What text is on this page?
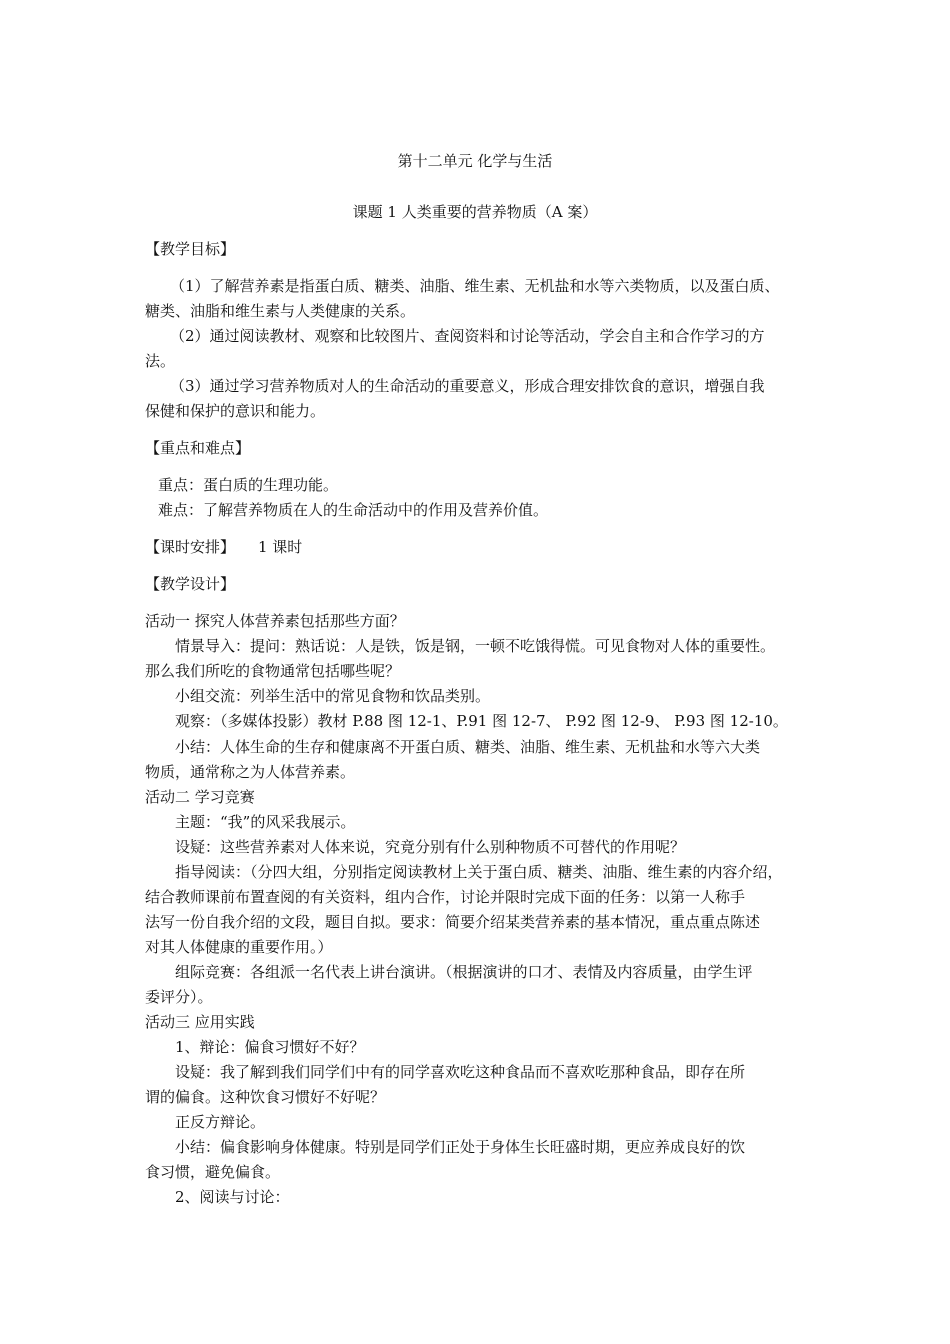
第十二单元 化学与生活
课题 1 人类重要的营养物质（A 案）
【教学目标】
（1）了解营养素是指蛋白质、糖类、油脂、维生素、无机盐和水等六类物质，以及蛋白质、
糖类、油脂和维生素与人类健康的关系。
（2）通过阅读教材、观察和比较图片、查阅资料和讨论等活动，学会自主和合作学习的方
法。
（3）通过学习营养物质对人的生命活动的重要意义，形成合理安排饮食的意识，增强自我
保健和保护的意识和能力。
【重点和难点】
重点：蛋白质的生理功能。
难点：了解营养物质在人的生命活动中的作用及营养价值。
【课时安排】 1 课时
【教学设计】
活动一 探究人体营养素包括那些方面？
情景导入：提问：熟话说：人是铁，饭是钢，一顿不吃饿得慌。可见食物对人体的重要性。
那么我们所吃的食物通常包括哪些呢？
小组交流：列举生活中的常见食物和饮品类别。
观察：（多媒体投影）教材 P.88 图 12-1、P.91 图 12-7、 P.92 图 12-9、 P.93 图 12-10。
小结：人体生命的生存和健康离不开蛋白质、糖类、油脂、维生素、无机盐和水等六大类
物质，通常称之为人体营养素。
活动二 学习竞赛
主题：“我”的风采我展示。
设疑：这些营养素对人体来说，究竟分别有什么别种物质不可替代的作用呢？
指导阅读：（分四大组，分别指定阅读教材上关于蛋白质、糖类、油脂、维生素的内容介绍，
结合教师课前布置查阅的有关资料，组内合作，讨论并限时完成下面的任务：以第一人称手
法写一份自我介绍的文段，题目自拟。要求：简要介绍某类营养素的基本情况，重点重点陈述
对其人体健康的重要作用。）
组际竞赛：各组派一名代表上讲台演讲。（根据演讲的口才、表情及内容质量，由学生评
委评分）。
活动三 应用实践
1、辩论：偏食习惯好不好？
设疑：我了解到我们同学们中有的同学喜欢吃这种食品而不喜欢吃那种食品，即存在所
谓的偏食。这种饮食习惯好不好呢？
正反方辩论。
小结：偏食影响身体健康。特别是同学们正处于身体生长旺盛时期，更应养成良好的饮
食习惯，避免偏食。
2、阅读与讨论：
